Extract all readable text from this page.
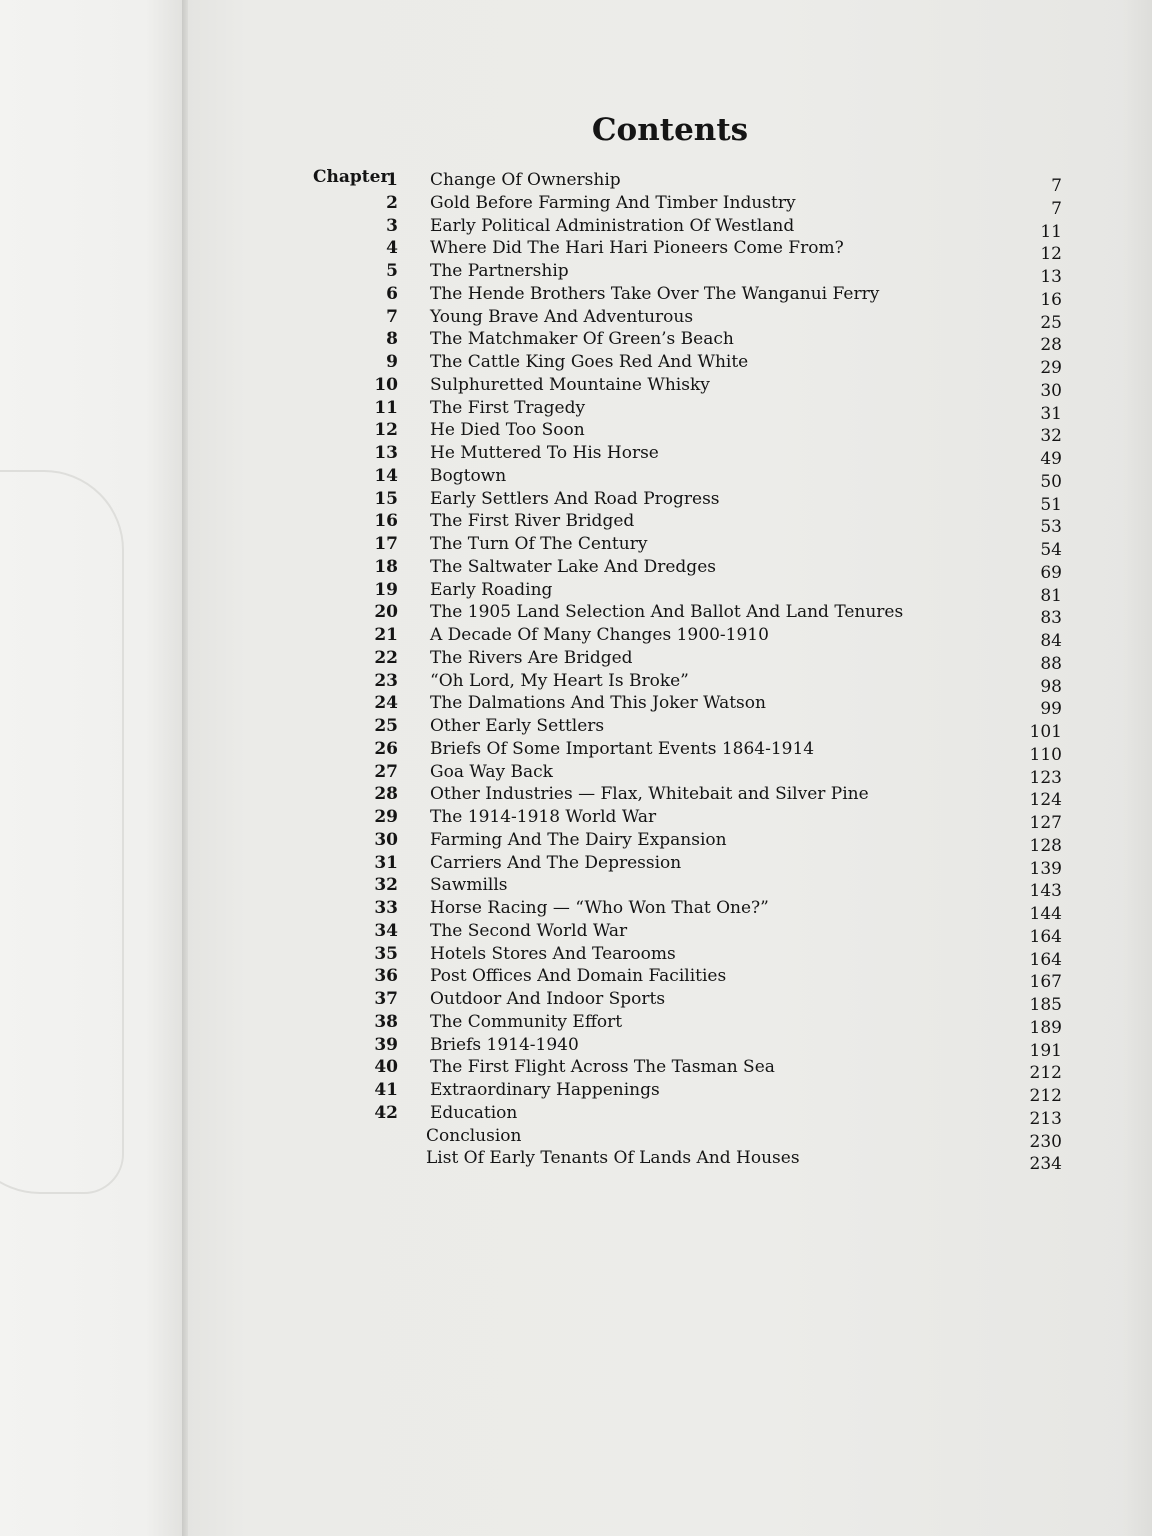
Contents
Chapter
1 Change Of Ownership	7
2 Gold Before Farming And Timber Industry	7
3 Early Political Administration Of Westland	11
4 Where Did The Hari Hari Pioneers Come From?	12
5 The Partnership	13
6 The Hende Brothers Take Over The Wanganui Ferry	16
7 Young Brave And Adventurous	25
8 The Matchmaker Of Green’s Beach	28
9 The Cattle King Goes Red And White	29
10 Sulphuretted Mountaine Whisky	30
11 The First Tragedy	31
12 He Died Too Soon	32
13 He Muttered To His Horse	49
14 Bogtown	50
15 Early Settlers And Road Progress	51
16 The First River Bridged	53
17 The Turn Of The Century	54
18 The Saltwater Lake And Dredges	69
19 Early Roading	81
20 The 1905 Land Selection And Ballot And Land Tenures	83
21 A Decade Of Many Changes 1900-1910	84
22 The Rivers Are Bridged	88
23 “Oh Lord, My Heart Is Broke”	98
24 The Dalmations And This Joker Watson	99
25 Other Early Settlers	101
26 Briefs Of Some Important Events 1864-1914	110
27 Goa Way Back	123
28 Other Industries — Flax, Whitebait and Silver Pine	124
29 The 1914-1918 World War	127
30 Farming And The Dairy Expansion	128
31 Carriers And The Depression	139
32 Sawmills	143
33 Horse Racing — “Who Won That One?”	144
34 The Second World War	164
35 Hotels Stores And Tearooms	164
36 Post Offices And Domain Facilities	167
37 Outdoor And Indoor Sports	185
38 The Community Effort	189
39 Briefs 1914-1940	191
40 The First Flight Across The Tasman Sea	212
41 Extraordinary Happenings	212
42 Education	213
Conclusion	230
List Of Early Tenants Of Lands And Houses	234
